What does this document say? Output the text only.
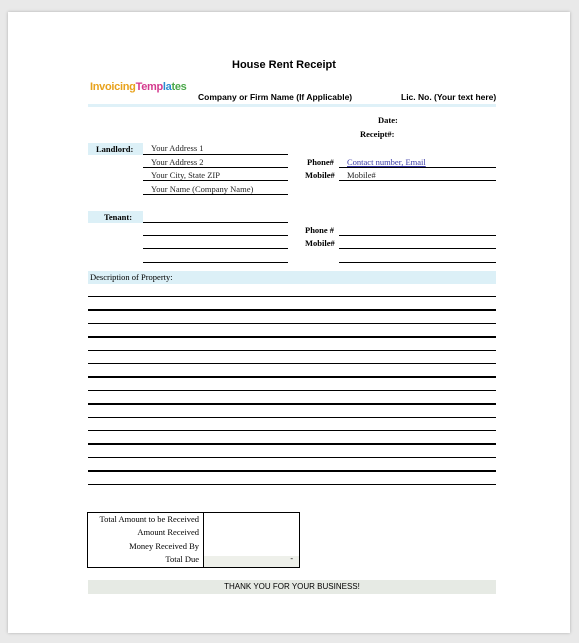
House Rent Receipt
InvoicingTemplates
Company or Firm Name (If Applicable)	Lic. No. (Your text here)
Date:
Receipt#:
Landlord: Your Address 1
Your Address 2
Your City, State ZIP
Your Name (Company Name)
Phone# Contact number, Email
Mobile# Mobile#
Tenant:
Phone #
Mobile#
Description of Property:
Total Amount to be Received
Amount Received
Money Received By
Total Due	-
THANK YOU FOR YOUR BUSINESS!
